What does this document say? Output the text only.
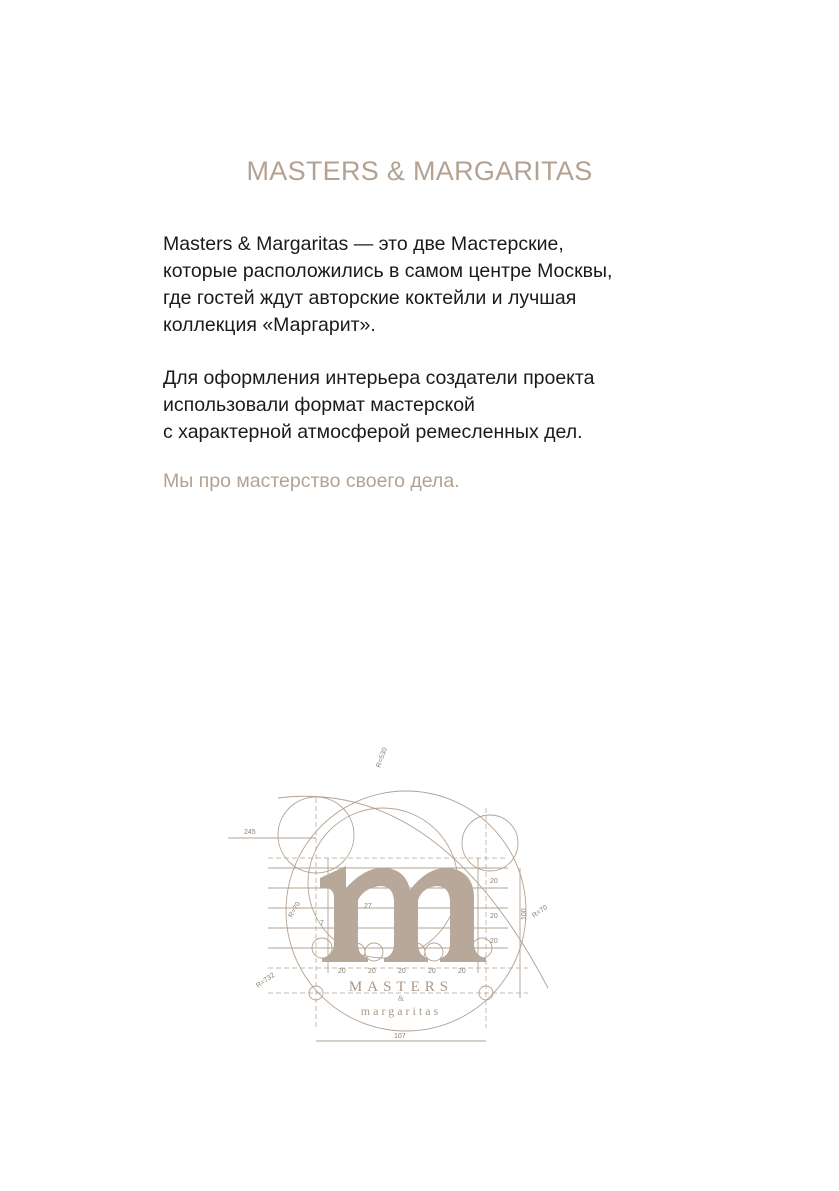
MASTERS & MARGARITAS

Masters & Margaritas — это две Мастерские,
которые расположились в самом центре Москвы,
где гостей ждут авторские коктейли и лучшая
коллекция «Маргарит».

Для оформления интерьера создатели проекта
использовали формат мастерской
с характерной атмосферой ремесленных дел.

Мы про мастерство своего дела.

MASTERS
&
margaritas
245
R=530
R=70	R=70
R=732
27
7
100
107
20	20	20	20	20
20
20
20
